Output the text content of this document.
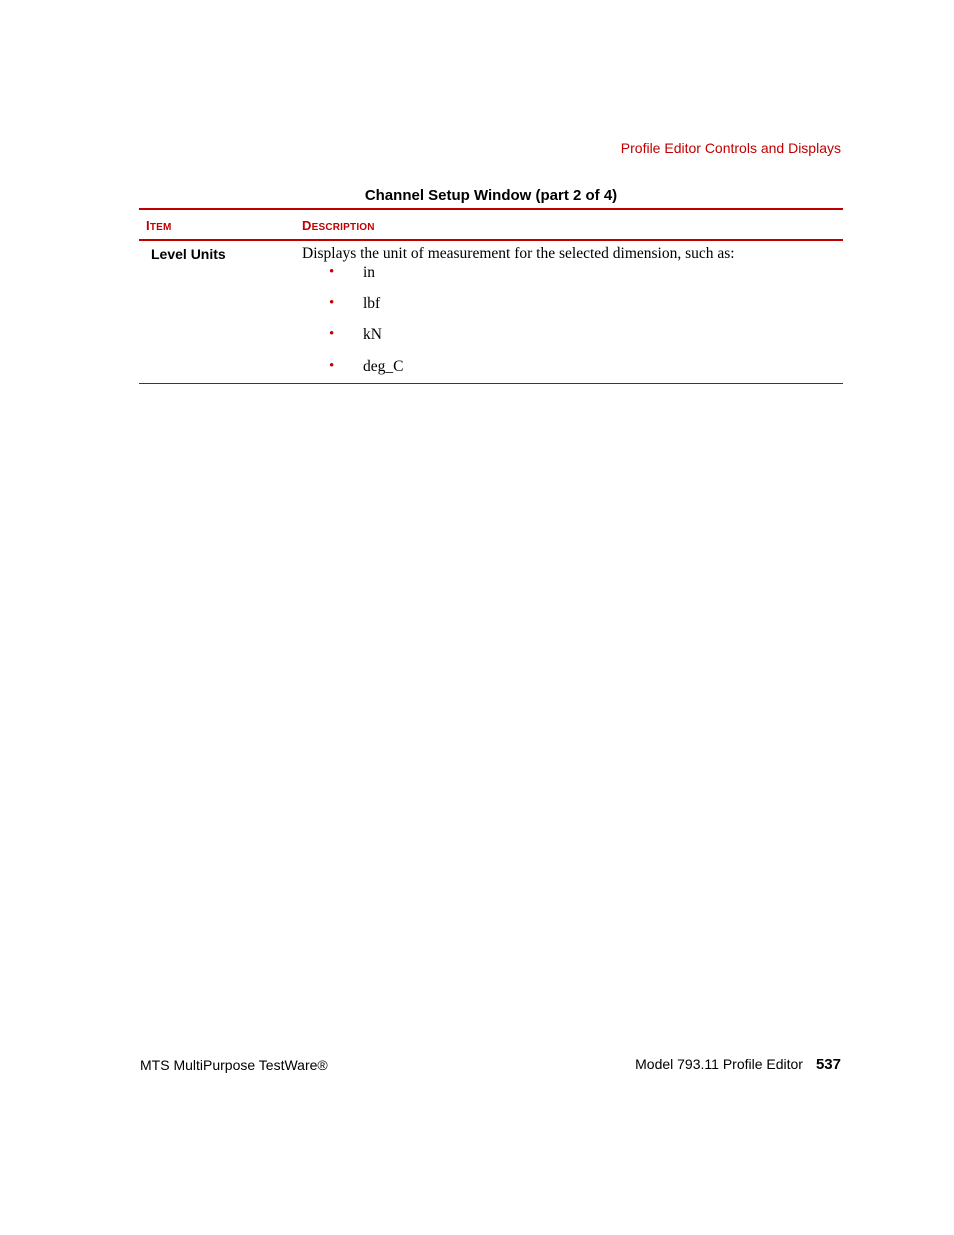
Profile Editor Controls and Displays
Channel Setup Window (part 2 of 4)
ITEM	DESCRIPTION
Level Units	Displays the unit of measurement for the selected dimension, such as:
• in
• lbf
• kN
• deg_C
MTS MultiPurpose TestWare®	Model 793.11 Profile Editor 537
